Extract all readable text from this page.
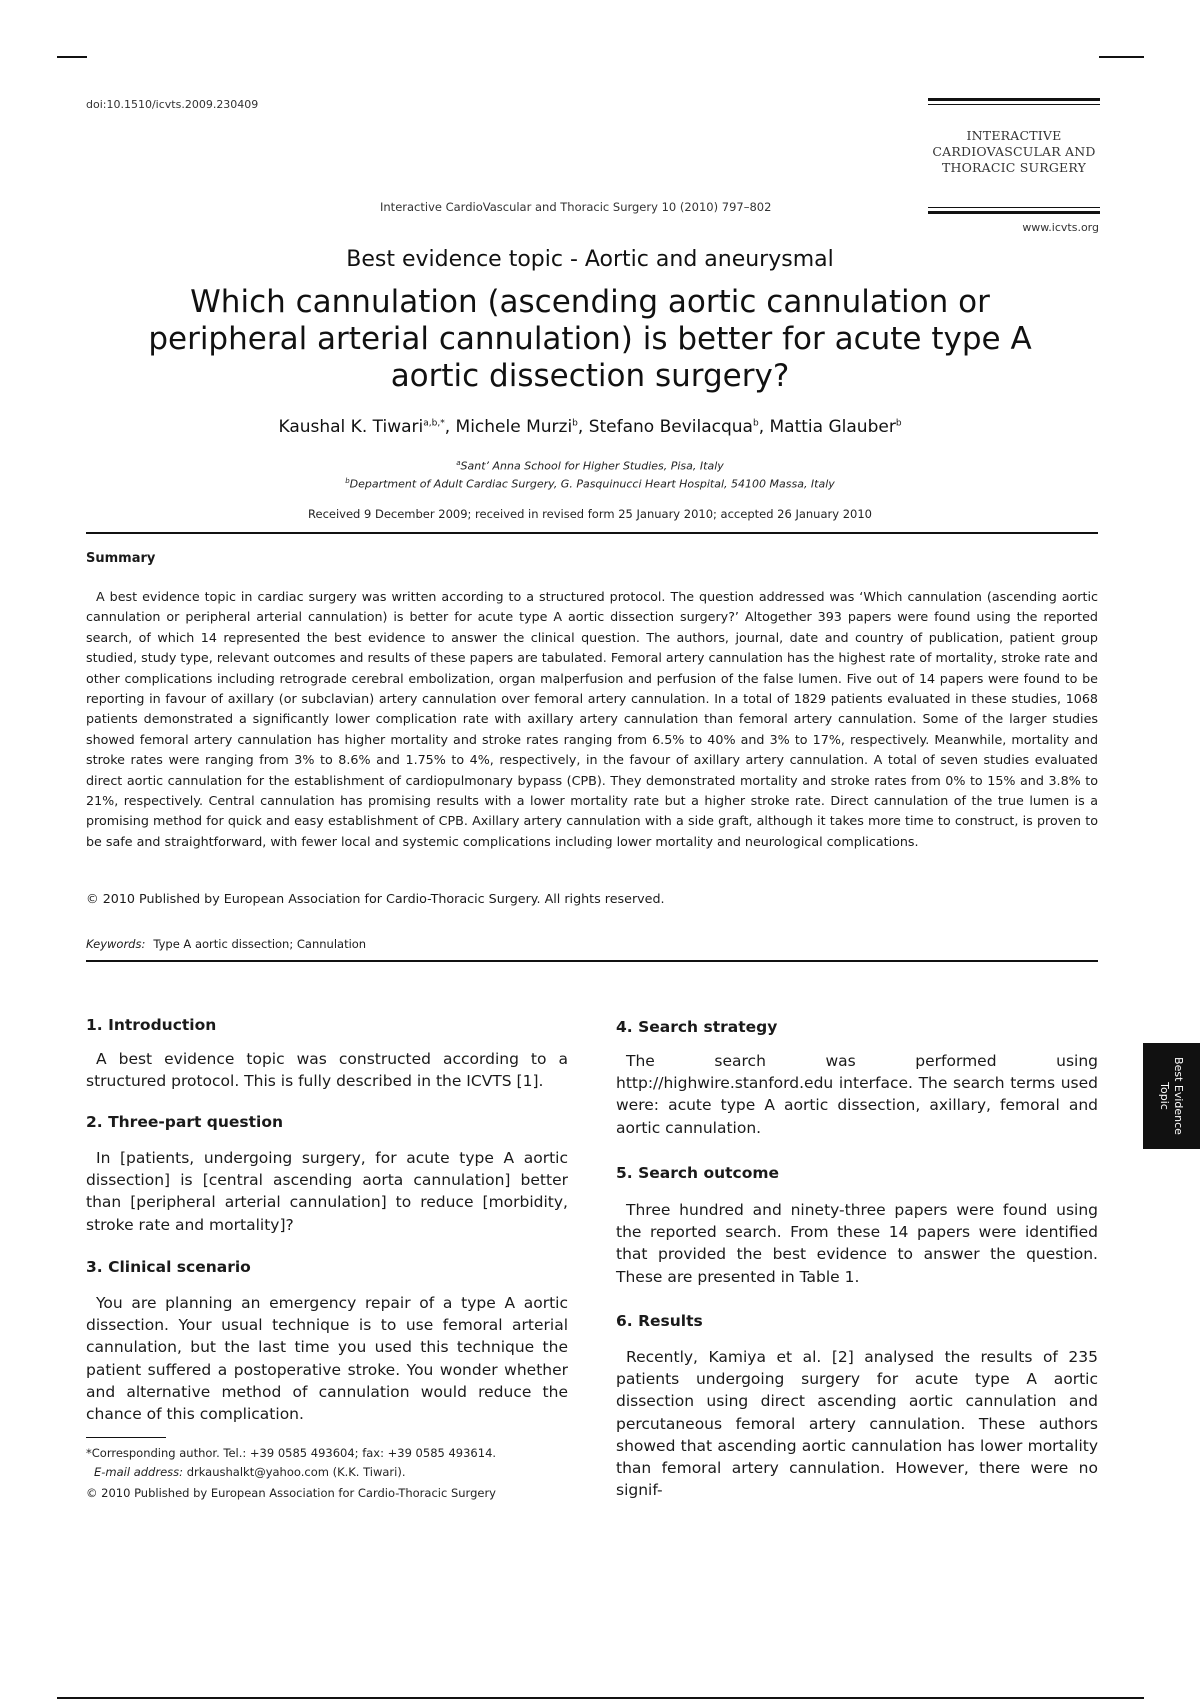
doi:10.1510/icvts.2009.230409
INTERACTIVE
CARDIOVASCULAR AND
THORACIC SURGERY
www.icvts.org
Interactive CardioVascular and Thoracic Surgery 10 (2010) 797–802
Best evidence topic - Aortic and aneurysmal
Which cannulation (ascending aortic cannulation or peripheral arterial cannulation) is better for acute type A aortic dissection surgery?
Kaushal K. Tiwari$^{a,b,*}$, Michele Murzi$^b$, Stefano Bevilacqua$^b$, Mattia Glauber$^b$
$^a$Sant’ Anna School for Higher Studies, Pisa, Italy
$^b$Department of Adult Cardiac Surgery, G. Pasquinucci Heart Hospital, 54100 Massa, Italy
Received 9 December 2009; received in revised form 25 January 2010; accepted 26 January 2010
Summary

A best evidence topic in cardiac surgery was written according to a structured protocol. The question addressed was ‘Which cannulation (ascending aortic cannulation or peripheral arterial cannulation) is better for acute type A aortic dissection surgery?’ Altogether 393 papers were found using the reported search, of which 14 represented the best evidence to answer the clinical question. The authors, journal, date and country of publication, patient group studied, study type, relevant outcomes and results of these papers are tabulated. Femoral artery cannulation has the highest rate of mortality, stroke rate and other complications including retrograde cerebral embolization, organ malperfusion and perfusion of the false lumen. Five out of 14 papers were found to be reporting in favour of axillary (or subclavian) artery cannulation over femoral artery cannulation. In a total of 1829 patients evaluated in these studies, 1068 patients demonstrated a significantly lower complication rate with axillary artery cannulation than femoral artery cannulation. Some of the larger studies showed femoral artery cannulation has higher mortality and stroke rates ranging from 6.5% to 40% and 3% to 17%, respectively. Meanwhile, mortality and stroke rates were ranging from 3% to 8.6% and 1.75% to 4%, respectively, in the favour of axillary artery cannulation. A total of seven studies evaluated direct aortic cannulation for the establishment of cardiopulmonary bypass (CPB). They demonstrated mortality and stroke rates from 0% to 15% and 3.8% to 21%, respectively. Central cannulation has promising results with a lower mortality rate but a higher stroke rate. Direct cannulation of the true lumen is a promising method for quick and easy establishment of CPB. Axillary artery cannulation with a side graft, although it takes more time to construct, is proven to be safe and straightforward, with fewer local and systemic complications including lower mortality and neurological complications.

© 2010 Published by European Association for Cardio-Thoracic Surgery. All rights reserved.
Keywords: Type A aortic dissection; Cannulation
1. Introduction

A best evidence topic was constructed according to a structured protocol. This is fully described in the ICVTS [1].

2. Three-part question

In [patients, undergoing surgery, for acute type A aortic dissection] is [central ascending aorta cannulation] better than [peripheral arterial cannulation] to reduce [morbidity, stroke rate and mortality]?

3. Clinical scenario

You are planning an emergency repair of a type A aortic dissection. Your usual technique is to use femoral arterial cannulation, but the last time you used this technique the patient suffered a postoperative stroke. You wonder whether and alternative method of cannulation would reduce the chance of this complication.

4. Search strategy

The search was performed using http://highwire.stanford.edu interface. The search terms used were: acute type A aortic dissection, axillary, femoral and aortic cannulation.

5. Search outcome

Three hundred and ninety-three papers were found using the reported search. From these 14 papers were identified that provided the best evidence to answer the question. These are presented in Table 1.

6. Results

Recently, Kamiya et al. [2] analysed the results of 235 patients undergoing surgery for acute type A aortic dissection using direct ascending aortic cannulation and percutaneous femoral artery cannulation. These authors showed that ascending aortic cannulation has lower mortality than femoral artery cannulation. However, there were no signif-

*Corresponding author. Tel.: +39 0585 493604; fax: +39 0585 493614.
E-mail address: drkaushalkt@yahoo.com (K.K. Tiwari).
© 2010 Published by European Association for Cardio-Thoracic Surgery
Best Evidence Topic
